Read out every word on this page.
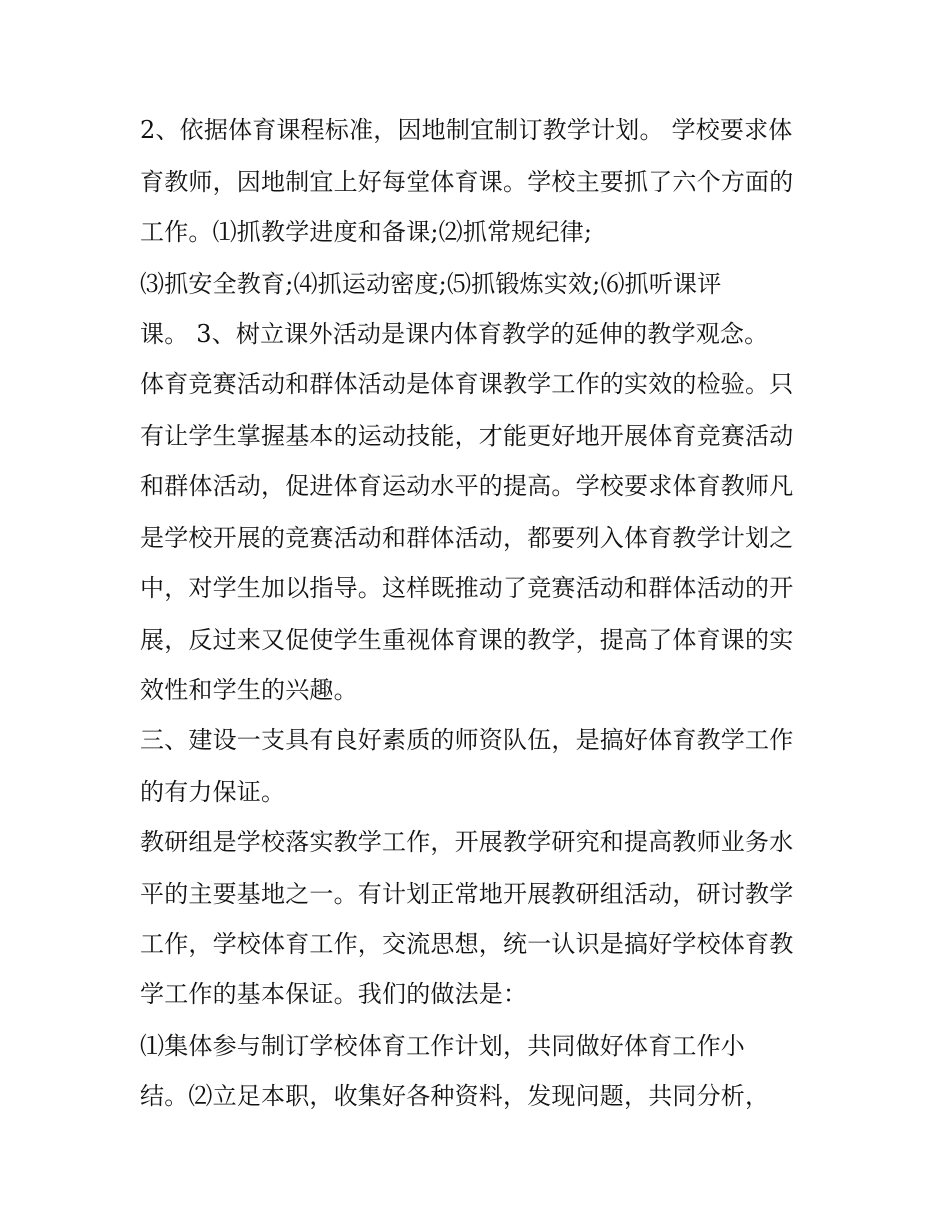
2、依据体育课程标准，因地制宜制订教学计划。 学校要求体
育教师，因地制宜上好每堂体育课。学校主要抓了六个方面的
工作。⑴抓教学进度和备课;⑵抓常规纪律;
⑶抓安全教育;⑷抓运动密度;⑸抓锻炼实效;⑹抓听课评
课。 3、树立课外活动是课内体育教学的延伸的教学观念。
体育竞赛活动和群体活动是体育课教学工作的实效的检验。只
有让学生掌握基本的运动技能，才能更好地开展体育竞赛活动
和群体活动，促进体育运动水平的提高。学校要求体育教师凡
是学校开展的竞赛活动和群体活动，都要列入体育教学计划之
中，对学生加以指导。这样既推动了竞赛活动和群体活动的开
展，反过来又促使学生重视体育课的教学，提高了体育课的实
效性和学生的兴趣。
三、建设一支具有良好素质的师资队伍，是搞好体育教学工作
的有力保证。
教研组是学校落实教学工作，开展教学研究和提高教师业务水
平的主要基地之一。有计划正常地开展教研组活动，研讨教学
工作，学校体育工作，交流思想，统一认识是搞好学校体育教
学工作的基本保证。我们的做法是：
⑴集体参与制订学校体育工作计划，共同做好体育工作小
结。⑵立足本职，收集好各种资料，发现问题，共同分析，
